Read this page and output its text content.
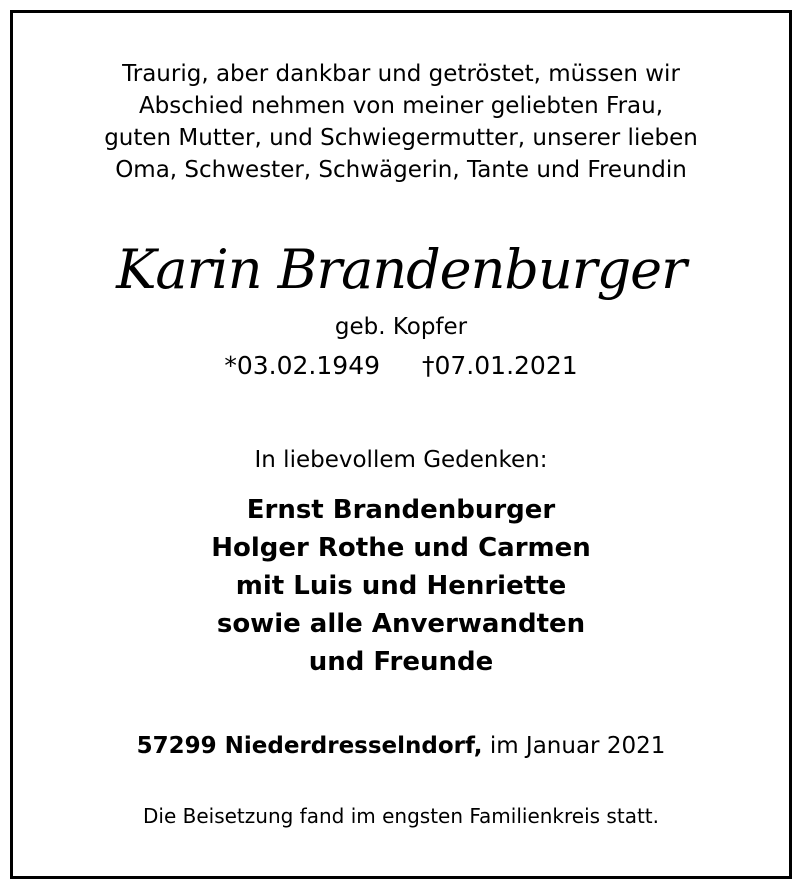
Traurig, aber dankbar und getröstet, müssen wir
Abschied nehmen von meiner geliebten Frau,
guten Mutter, und Schwiegermutter, unserer lieben
Oma, Schwester, Schwägerin, Tante und Freundin
Karin Brandenburger
geb. Kopfer
*03.02.1949 †07.01.2021
In liebevollem Gedenken:
Ernst Brandenburger
Holger Rothe und Carmen
mit Luis und Henriette
sowie alle Anverwandten
und Freunde
57299 Niederdresselndorf, im Januar 2021
Die Beisetzung fand im engsten Familienkreis statt.
